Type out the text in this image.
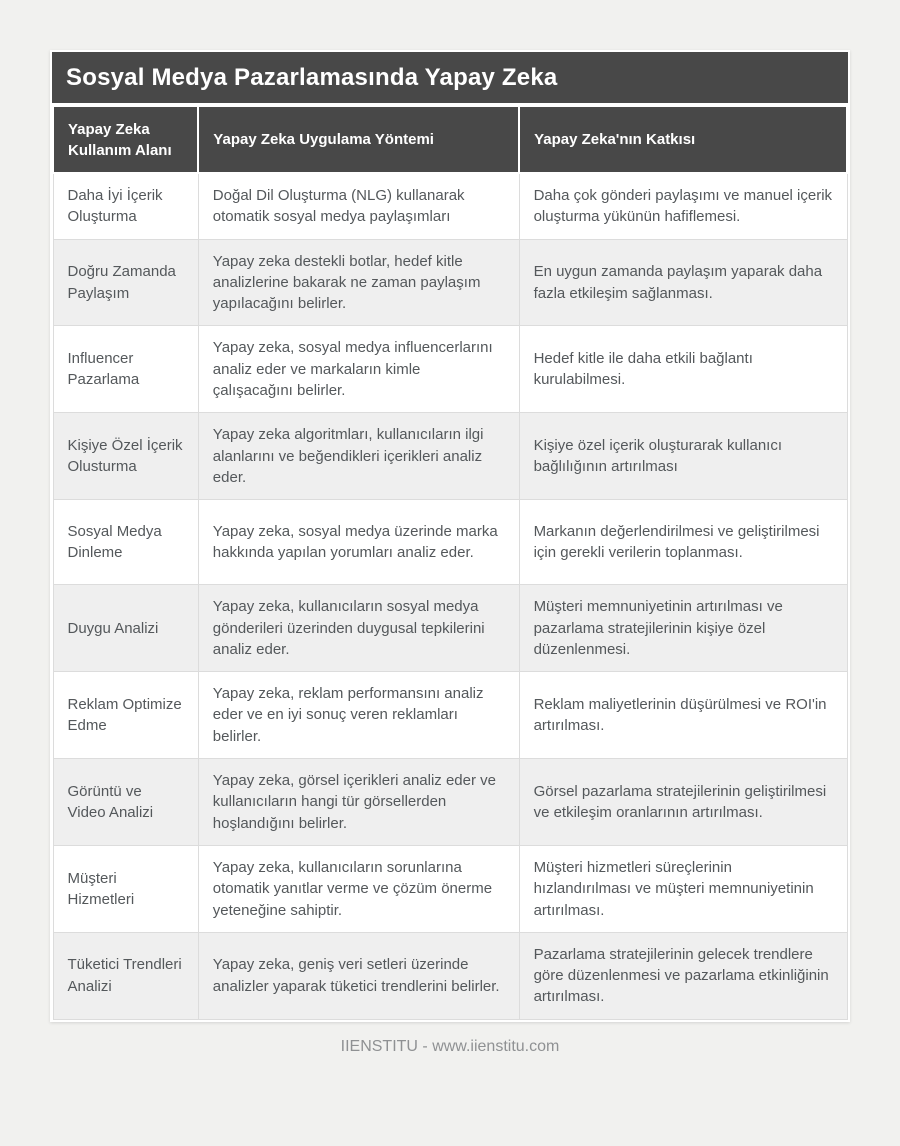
Sosyal Medya Pazarlamasında Yapay Zeka
Yapay Zeka Kullanım Alanı	Yapay Zeka Uygulama Yöntemi	Yapay Zeka'nın Katkısı
Daha İyi İçerik Oluşturma	Doğal Dil Oluşturma (NLG) kullanarak otomatik sosyal medya paylaşımları	Daha çok gönderi paylaşımı ve manuel içerik oluşturma yükünün hafiflemesi.
Doğru Zamanda Paylaşım	Yapay zeka destekli botlar, hedef kitle analizlerine bakarak ne zaman paylaşım yapılacağını belirler.	En uygun zamanda paylaşım yaparak daha fazla etkileşim sağlanması.
Influencer Pazarlama	Yapay zeka, sosyal medya influencerlarını analiz eder ve markaların kimle çalışacağını belirler.	Hedef kitle ile daha etkili bağlantı kurulabilmesi.
Kişiye Özel İçerik Olusturma	Yapay zeka algoritmları, kullanıcıların ilgi alanlarını ve beğendikleri içerikleri analiz eder.	Kişiye özel içerik oluşturarak kullanıcı bağlılığının artırılması
Sosyal Medya Dinleme	Yapay zeka, sosyal medya üzerinde marka hakkında yapılan yorumları analiz eder.	Markanın değerlendirilmesi ve geliştirilmesi için gerekli verilerin toplanması.
Duygu Analizi	Yapay zeka, kullanıcıların sosyal medya gönderileri üzerinden duygusal tepkilerini analiz eder.	Müşteri memnuniyetinin artırılması ve pazarlama stratejilerinin kişiye özel düzenlenmesi.
Reklam Optimize Edme	Yapay zeka, reklam performansını analiz eder ve en iyi sonuç veren reklamları belirler.	Reklam maliyetlerinin düşürülmesi ve ROI'in artırılması.
Görüntü ve Video Analizi	Yapay zeka, görsel içerikleri analiz eder ve kullanıcıların hangi tür görsellerden hoşlandığını belirler.	Görsel pazarlama stratejilerinin geliştirilmesi ve etkileşim oranlarının artırılması.
Müşteri Hizmetleri	Yapay zeka, kullanıcıların sorunlarına otomatik yanıtlar verme ve çözüm önerme yeteneğine sahiptir.	Müşteri hizmetleri süreçlerinin hızlandırılması ve müşteri memnuniyetinin artırılması.
Tüketici Trendleri Analizi	Yapay zeka, geniş veri setleri üzerinde analizler yaparak tüketici trendlerini belirler.	Pazarlama stratejilerinin gelecek trendlere göre düzenlenmesi ve pazarlama etkinliğinin artırılması.
IIENSTITU - www.iienstitu.com
